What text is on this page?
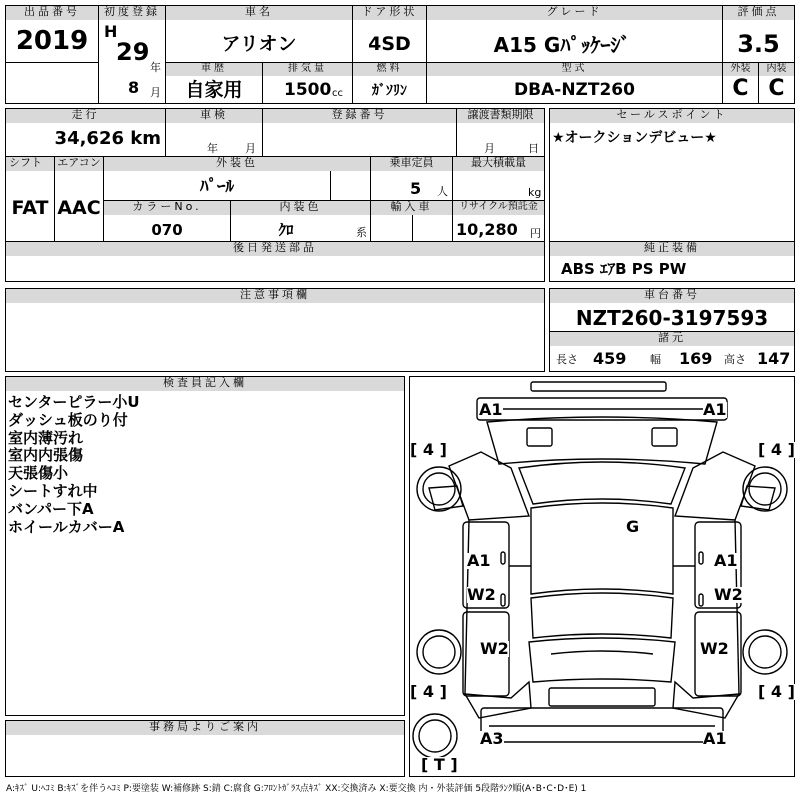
出品番号
2019
初度登録
H
29
年
8 月
車名
アリオン
ドア形状
4SD
グレード
A15 Gﾊﾟｯｹｰｼﾞ
評価点
3.5
車歴
自家用
排気量
1500 cc
燃料
ｶﾞｿﾘﾝ
型式
DBA-NZT260
外装
C
内装
C
走行
34,626 km
車検
年 月
登録番号	譲渡書類期限
月	日
シフト
FAT
エアコン
AAC
外装色
ﾊﾟｰﾙ
乗車定員
5 人
最大積載量
kg
カラーNo.
070
内装色
ｸﾛ	系
輸入車	リサイクル預託金
10,280 円
後日発送部品
セールスポイント
★オークションデビュー★
純正装備
ABS ｴｱB PS PW
注意事項欄	車台番号
NZT260-3197593
諸元
長さ 459 幅 169 高さ 147
検査員記入欄
センターピラー小U
ダッシュ板のり付
室内薄汚れ
室内内張傷
天張傷小
シートすれ中
バンパー下A
ホイールカバーA
事務局よりご案内
A1	A1
[ 4 ]	[ 4 ]
G
A1	A1
W2	W2
W2	W2
[ 4 ]	[ 4 ]
A3	A1
[ T ]
A:ｷｽﾞ U:ﾍｺﾐ B:ｷｽﾞを伴うﾍｺﾐ P:要塗装 W:補修跡 S:錆 C:腐食 G:ﾌﾛﾝﾄｶﾞﾗｽ点ｷｽﾞ XX:交換済み X:要交換 内・外装評価 5段階ﾗﾝｸ順(A･B･C･D･E) 1
